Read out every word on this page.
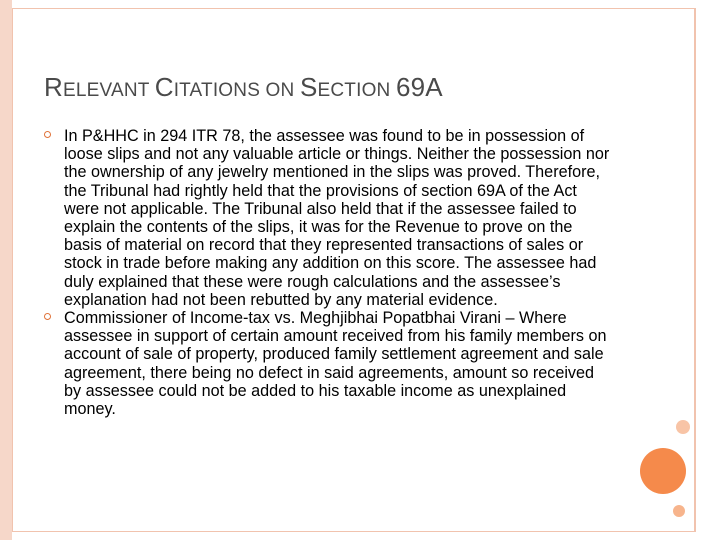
RELEVANT CITATIONS ON SECTION 69A
In P&HHC in 294 ITR 78, the assessee was found to be in possession of loose slips and not any valuable article or things. Neither the possession nor the ownership of any jewelry mentioned in the slips was proved. Therefore, the Tribunal had rightly held that the provisions of section 69A of the Act were not applicable. The Tribunal also held that if the assessee failed to explain the contents of the slips, it was for the Revenue to prove on the basis of material on record that they represented transactions of sales or stock in trade before making any addition on this score. The assessee had duly explained that these were rough calculations and the assessee’s explanation had not been rebutted by any material evidence.
Commissioner of Income-tax vs. Meghjibhai Popatbhai Virani – Where assessee in support of certain amount received from his family members on account of sale of property, produced family settlement agreement and sale agreement, there being no defect in said agreements, amount so received by assessee could not be added to his taxable income as unexplained money.
